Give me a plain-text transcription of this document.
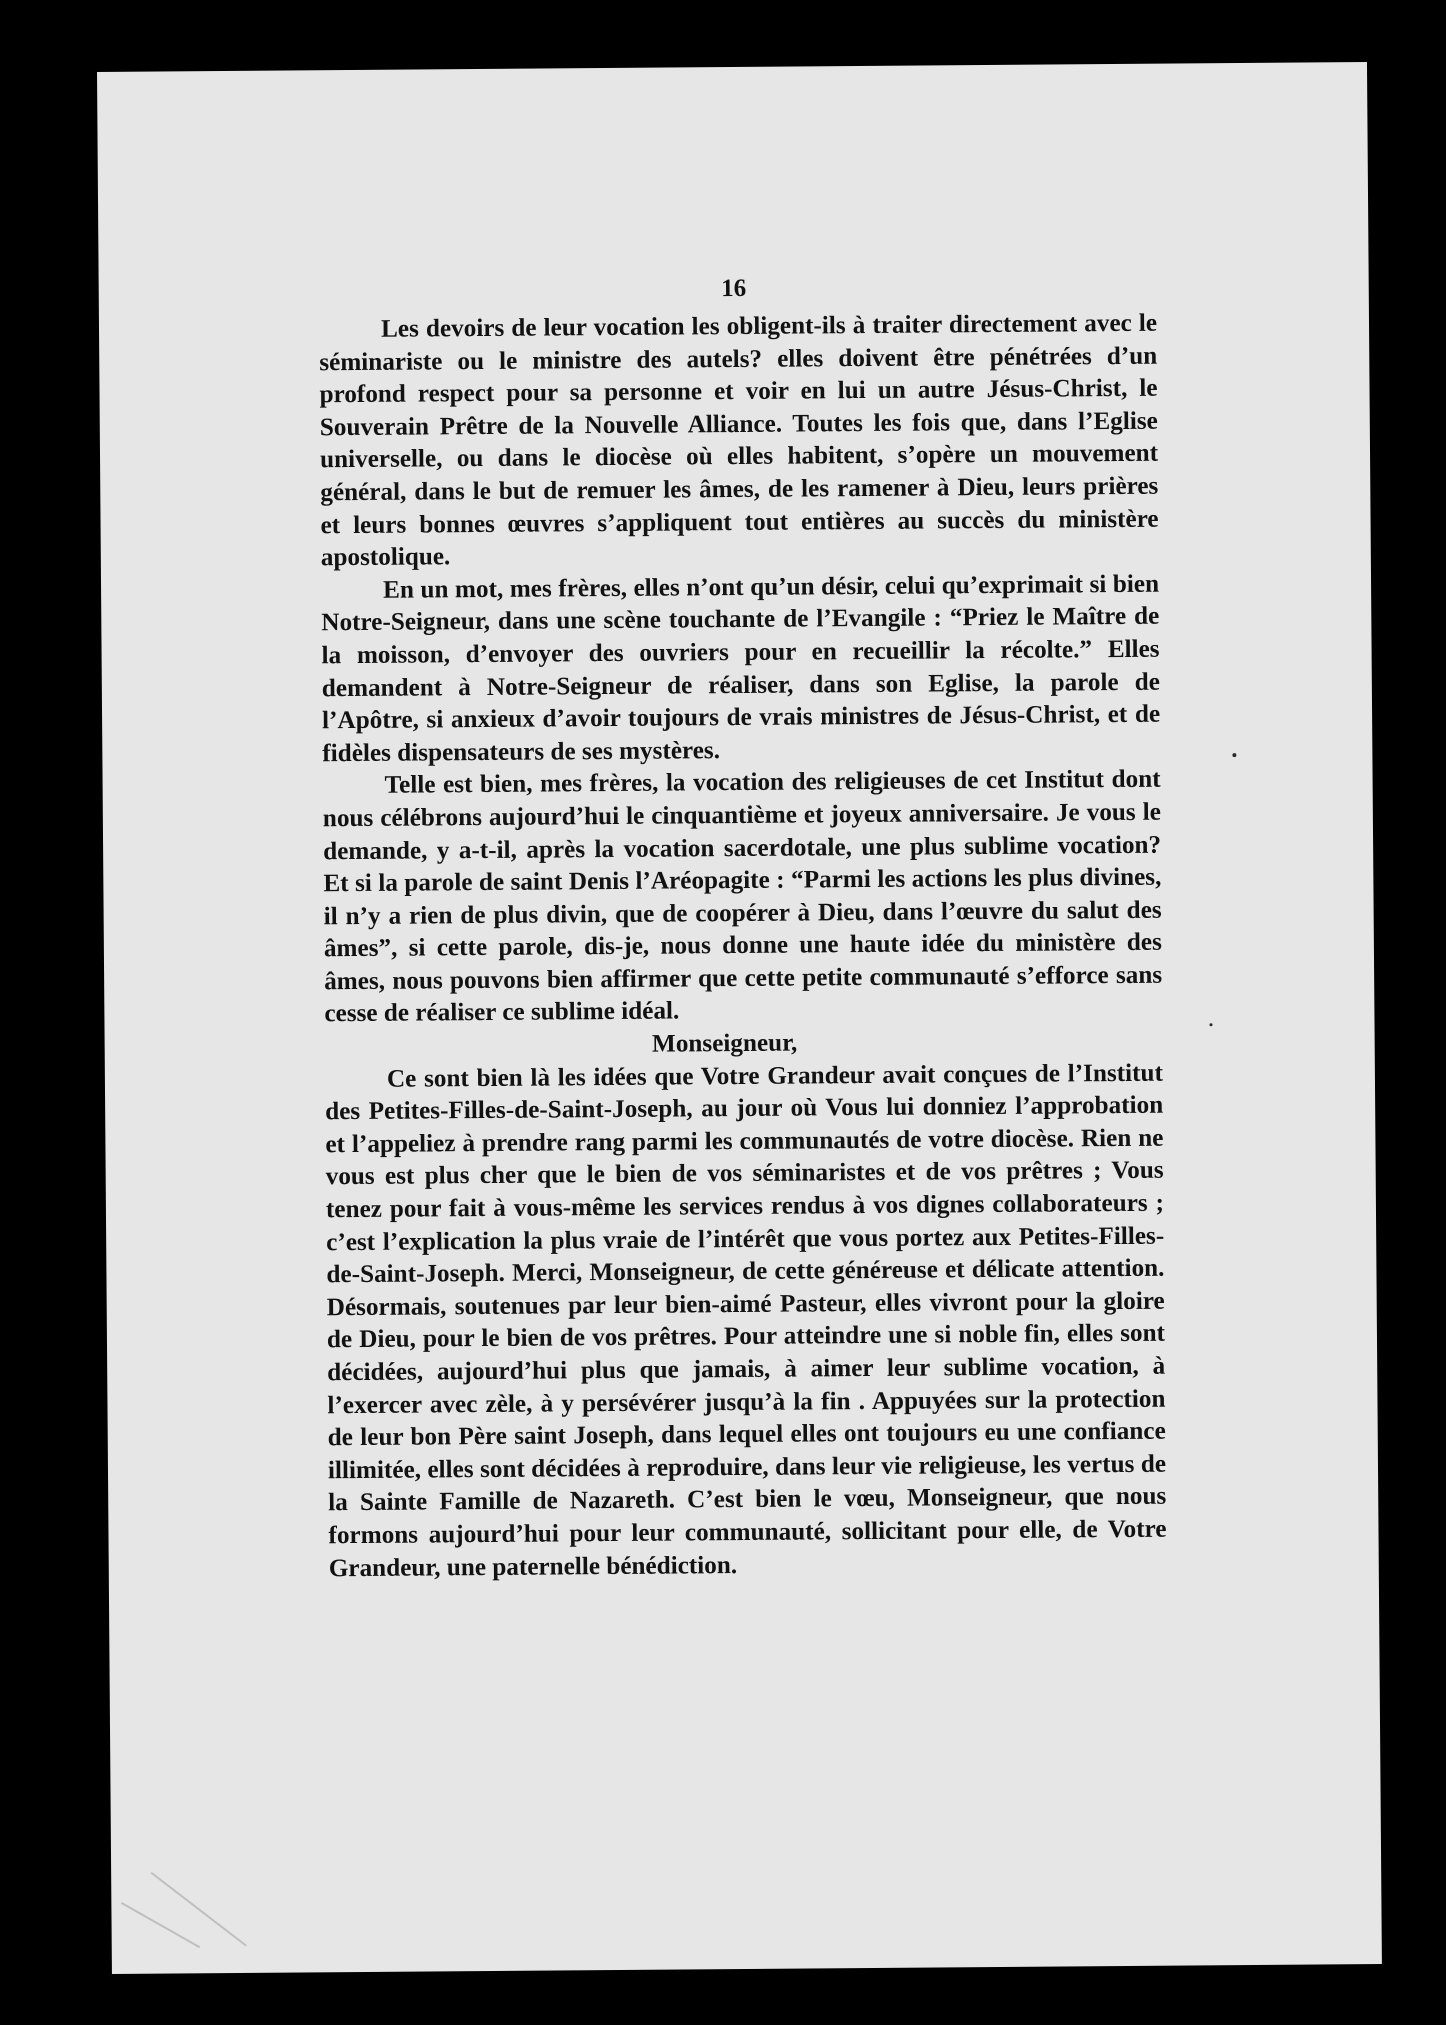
16

Les devoirs de leur vocation les obligent-ils à traiter directement avec le séminariste ou le ministre des autels? elles doivent être pénétrées d’un profond respect pour sa personne et voir en lui un autre Jésus-Christ, le Souverain Prêtre de la Nouvelle Alliance. Toutes les fois que, dans l’Eglise universelle, ou dans le diocèse où elles habitent, s’opère un mouvement général, dans le but de remuer les âmes, de les ramener à Dieu, leurs prières et leurs bonnes œuvres s’appliquent tout entières au succès du ministère apostolique.

En un mot, mes frères, elles n’ont qu’un désir, celui qu’exprimait si bien Notre-Seigneur, dans une scène touchante de l’Evangile : “Priez le Maître de la moisson, d’envoyer des ouvriers pour en recueillir la récolte.” Elles demandent à Notre-Seigneur de réaliser, dans son Eglise, la parole de l’Apôtre, si anxieux d’avoir toujours de vrais ministres de Jésus-Christ, et de fidèles dispensateurs de ses mystères.

Telle est bien, mes frères, la vocation des religieuses de cet Institut dont nous célébrons aujourd’hui le cinquantième et joyeux anniversaire. Je vous le demande, y a-t-il, après la vocation sacerdotale, une plus sublime vocation? Et si la parole de saint Denis l’Aréopagite : “Parmi les actions les plus divines, il n’y a rien de plus divin, que de coopérer à Dieu, dans l’œuvre du salut des âmes”, si cette parole, dis-je, nous donne une haute idée du ministère des âmes, nous pouvons bien affirmer que cette petite communauté s’efforce sans cesse de réaliser ce sublime idéal.

Monseigneur,

Ce sont bien là les idées que Votre Grandeur avait conçues de l’Institut des Petites-Filles-de-Saint-Joseph, au jour où Vous lui donniez l’approbation et l’appeliez à prendre rang parmi les communautés de votre diocèse. Rien ne vous est plus cher que le bien de vos séminaristes et de vos prêtres ; Vous tenez pour fait à vous-même les services rendus à vos dignes collaborateurs ; c’est l’explication la plus vraie de l’intérêt que vous portez aux Petites-Filles-de-Saint-Joseph. Merci, Monseigneur, de cette généreuse et délicate attention. Désormais, soutenues par leur bien-aimé Pasteur, elles vivront pour la gloire de Dieu, pour le bien de vos prêtres. Pour atteindre une si noble fin, elles sont décidées, aujourd’hui plus que jamais, à aimer leur sublime vocation, à l’exercer avec zèle, à y persévérer jusqu’à la fin . Appuyées sur la protection de leur bon Père saint Joseph, dans lequel elles ont toujours eu une confiance illimitée, elles sont décidées à reproduire, dans leur vie religieuse, les vertus de la Sainte Famille de Nazareth. C’est bien le vœu, Monseigneur, que nous formons aujourd’hui pour leur communauté, sollicitant pour elle, de Votre Grandeur, une paternelle bénédiction.
